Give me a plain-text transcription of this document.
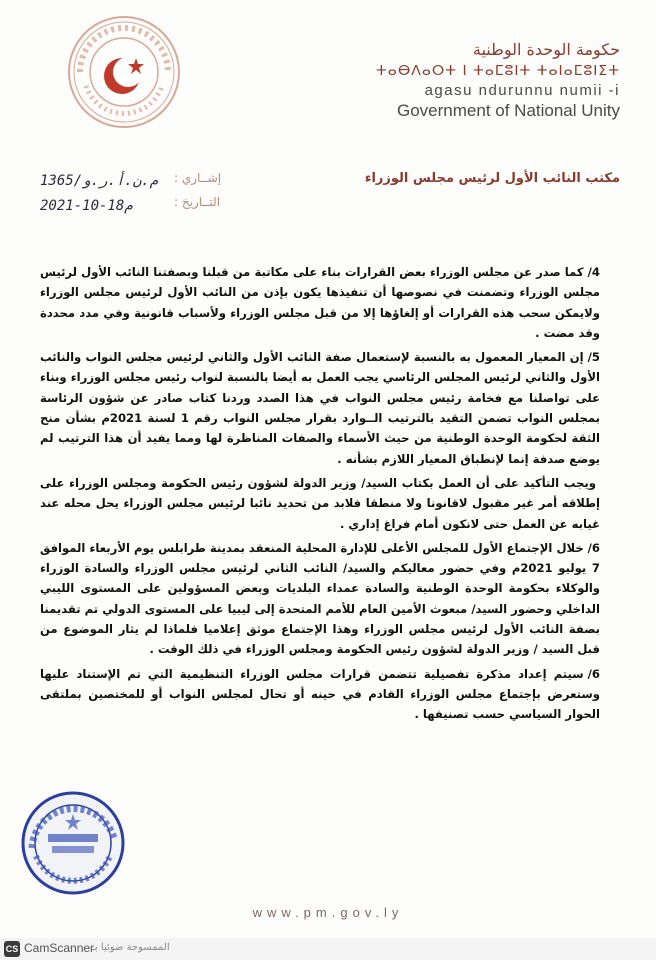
حكومة الوحدة الوطنية
ⵜⴰⴱⴷⴰⵔⵜ ⵏ ⵜⴰⵎⵓⵏⵜ ⵜⴰⵏⴰⵎⵓⵏⵉⵜ
agasu ndurunnu numii -i
Government of National Unity
مكتب النائب الأول لرئيس مجلس الوزراء
إشــاري :
التــاريخ :
1365/م.ن.أ.ر.و
2021-10-18م

4/كما صدر عن مجلس الوزراء بعض القرارات بناء على مكاتبة من قبلنا وبصفتنا النائب الأول لرئيس مجلس الوزراء وتضمنت في نصوصها أن تنفيذها يكون بإذن من النائب الأول لرئيس مجلس الوزراء ولايمكن سحب هذه القرارات أو إلغاؤها إلا من قبل مجلس الوزراء ولأسباب قانونية وفي مدد محددة وقد مضت .

5/إن المعيار المعمول به بالنسبة لإستعمال صفة النائب الأول والثاني لرئيس مجلس النواب والنائب الأول والثاني لرئيس المجلس الرئاسي يجب العمل به أيضا بالنسبة لنواب رئيس مجلس الوزراء وبناء على تواصلنا مع فخامة رئيس مجلس النواب في هذا الصدد وردنا كتاب صادر عن شؤون الرئاسة بمجلس النواب تضمن التقيد بالترتيب الــوارد بقرار مجلس النواب رقم 1 لسنة 2021م بشأن منح الثقة لحكومة الوحدة الوطنية من حيث الأسماء والصفات المناظرة لها ومما يفيد أن هذا الترتيب لم يوضع صدفة إنما لإنطباق المعيار اللازم بشأنه .

ويجب التأكيد على أن العمل بكتاب السيد/ وزير الدولة لشؤون رئيس الحكومة ومجلس الوزراء على إطلاقه أمر غير مقبول لاقانونا ولا منطقا فلابد من تحديد نائبا لرئيس مجلس الوزراء يحل محله عند غيابه عن العمل حتى لانكون أمام فراغ إداري .

6/خلال الإجتماع الأول للمجلس الأعلى للإدارة المحلية المنعقد بمدينة طرابلس يوم الأربعاء الموافق 7 يوليو 2021م وفي حضور معاليكم والسيد/ النائب الثاني لرئيس مجلس الوزراء والسادة الوزراء والوكلاء بحكومة الوحدة الوطنية والسادة عمداء البلديات وبعض المسؤولين على المستوى الليبي الداخلي وحضور السيد/ مبعوث الأمين العام للأمم المتحدة إلى ليبيا على المستوى الدولي تم تقديمنا بصفة النائب الأول لرئيس مجلس الوزراء وهذا الإجتماع موثق إعلاميا فلماذا لم يثار الموضوع من قبل السيد / وزير الدولة لشؤون رئيس الحكومة ومجلس الوزراء في ذلك الوقت .

6/سيتم إعداد مذكرة تفصيلية تتضمن قرارات مجلس الوزراء التنظيمية التي تم الإستناد عليها وستعرض بإجتماع مجلس الوزراء القادم في حينه أو تحال لمجلس النواب أو للمختصين بملتقى الحوار السياسي حسب تصنيفها .

www.pm.gov.ly
CS CamScanner
الممسوحة ضوئيا بـ
